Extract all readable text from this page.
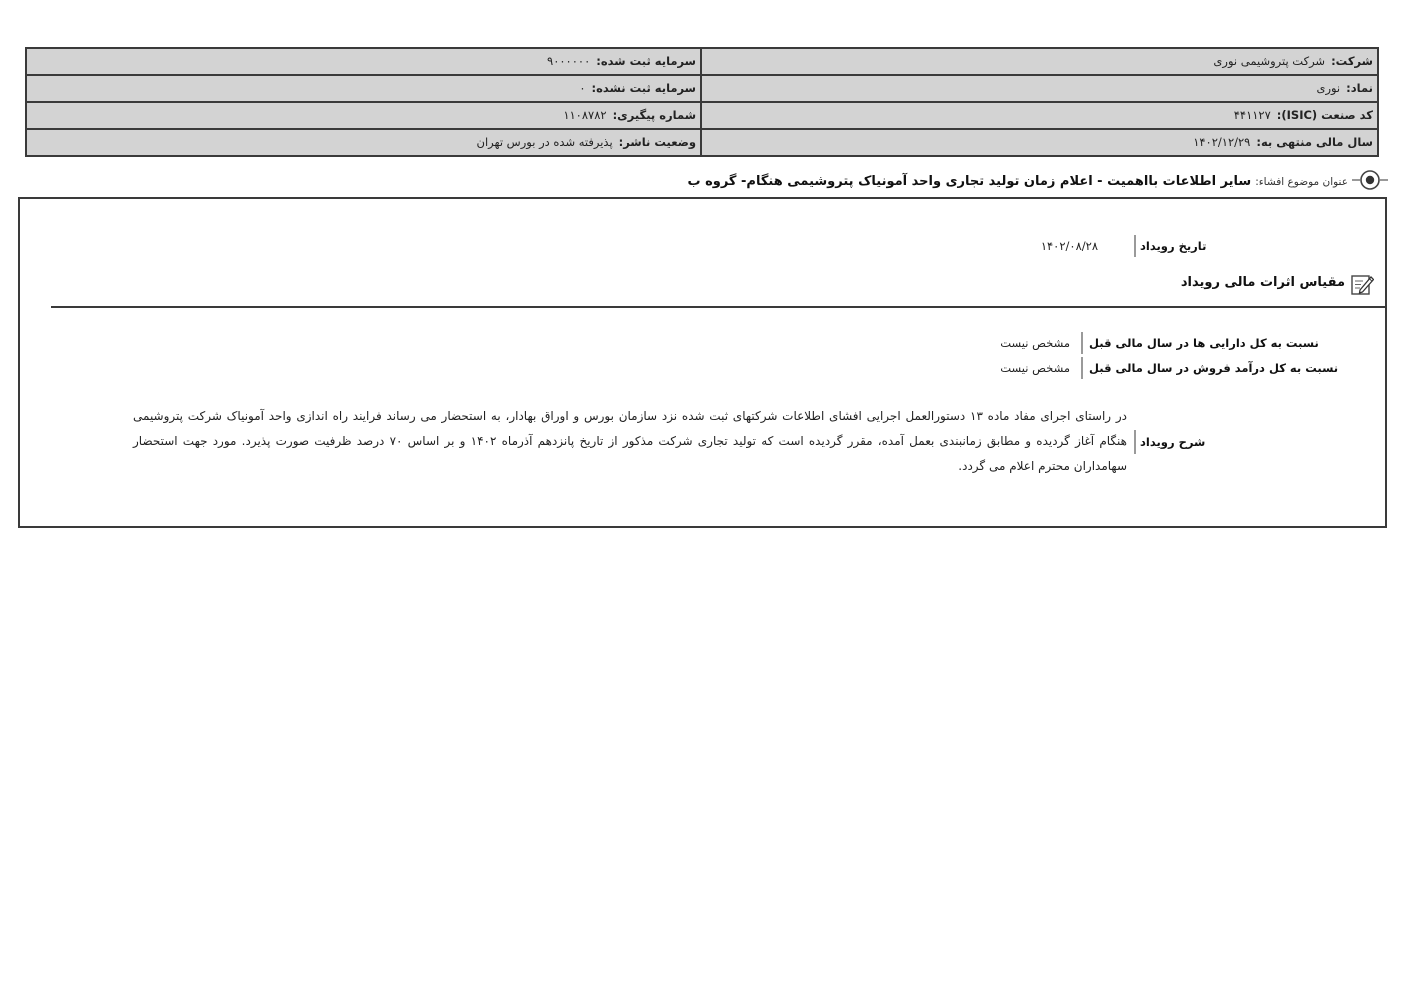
شرکت:شرکت پتروشیمی نوری
سرمایه ثبت شده:۹۰۰۰۰۰۰
نماد:نوری
سرمایه ثبت نشده:۰
کد صنعت (ISIC):۴۴۱۱۲۷
شماره پیگیری:۱۱۰۸۷۸۲
سال مالی منتهی به:۱۴۰۲/۱۲/۲۹
وضعیت ناشر:پذیرفته شده در بورس تهران
عنوان موضوع افشاء:سایر اطلاعات بااهمیت - اعلام زمان تولید تجاری واحد آمونیاک پتروشیمی هنگام- گروه ب
تاریخ رویداد
۱۴۰۲/۰۸/۲۸
مقیاس اثرات مالی رویداد
نسبت به کل دارایی ها در سال مالی قبل
مشخص نیست
نسبت به کل درآمد فروش در سال مالی قبل
مشخص نیست
شرح رویداد
در راستای اجرای مفاد ماده ۱۳ دستورالعمل اجرایی افشای اطلاعات شرکتهای ثبت شده نزد سازمان بورس و اوراق بهادار، به استحضار می رساند فرایند راه اندازی واحد آمونیاک شرکت پتروشیمی هنگام آغاز گردیده و مطابق زمانبندی بعمل آمده، مقرر گردیده است که تولید تجاری شرکت مذکور از تاریخ پانزدهم آذرماه ۱۴۰۲ و بر اساس ۷۰ درصد ظرفیت صورت پذیرد. مورد جهت استحضار سهامداران محترم اعلام می گردد.
